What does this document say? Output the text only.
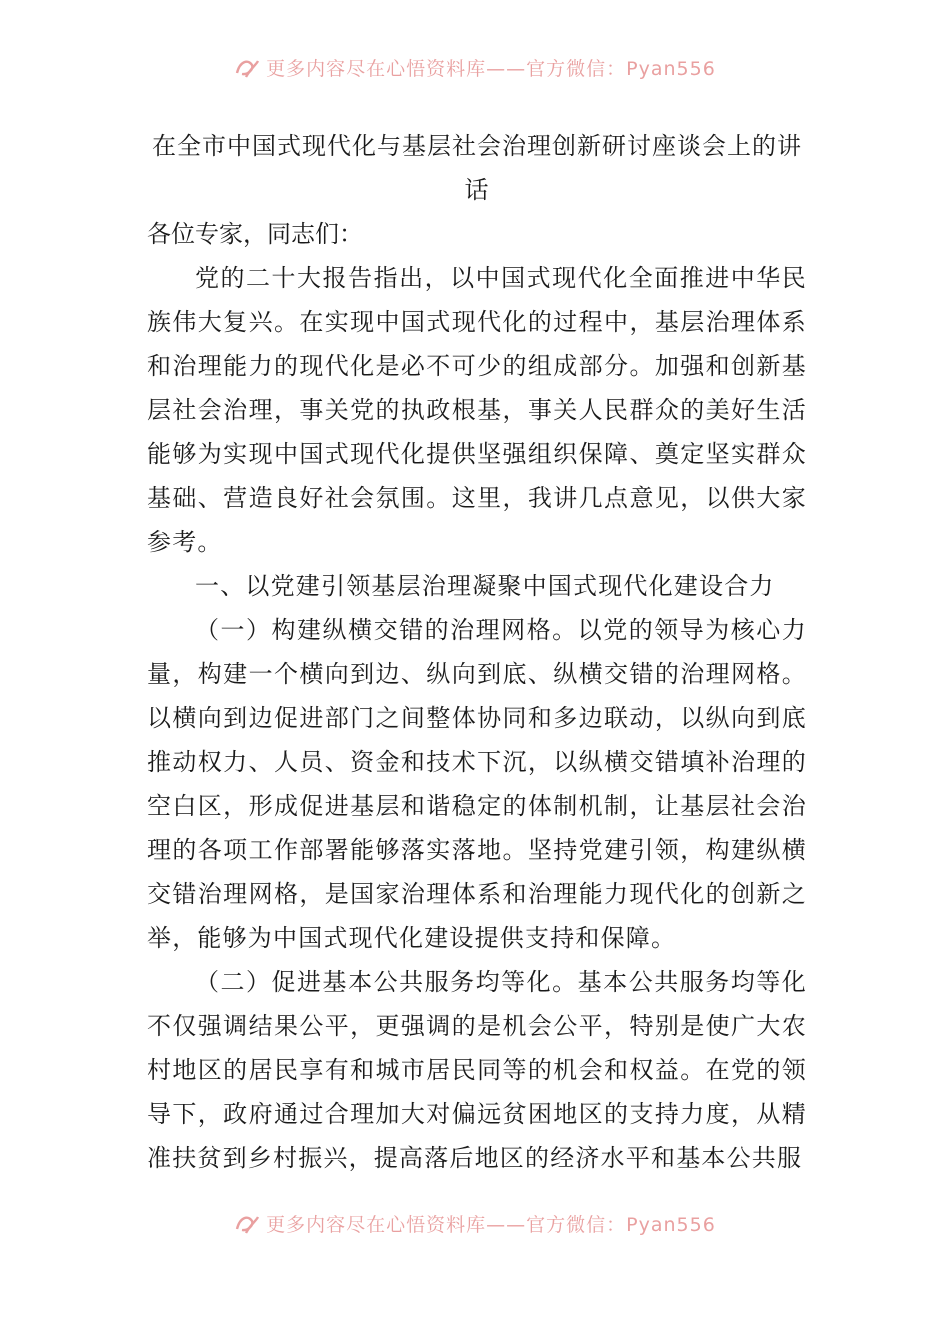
更多内容尽在心悟资料库——官方微信：Pyan556
在全市中国式现代化与基层社会治理创新研讨座谈会上的讲话
各位专家，同志们：

党的二十大报告指出，以中国式现代化全面推进中华民族伟大复兴。在实现中国式现代化的过程中，基层治理体系和治理能力的现代化是必不可少的组成部分。加强和创新基层社会治理，事关党的执政根基，事关人民群众的美好生活能够为实现中国式现代化提供坚强组织保障、奠定坚实群众基础、营造良好社会氛围。这里，我讲几点意见，以供大家参考。

一、以党建引领基层治理凝聚中国式现代化建设合力

（一）构建纵横交错的治理网格。以党的领导为核心力量，构建一个横向到边、纵向到底、纵横交错的治理网格。以横向到边促进部门之间整体协同和多边联动，以纵向到底推动权力、人员、资金和技术下沉，以纵横交错填补治理的空白区，形成促进基层和谐稳定的体制机制，让基层社会治理的各项工作部署能够落实落地。坚持党建引领，构建纵横交错治理网格，是国家治理体系和治理能力现代化的创新之举，能够为中国式现代化建设提供支持和保障。

（二）促进基本公共服务均等化。基本公共服务均等化不仅强调结果公平，更强调的是机会公平，特别是使广大农村地区的居民享有和城市居民同等的机会和权益。在党的领导下，政府通过合理加大对偏远贫困地区的支持力度，从精准扶贫到乡村振兴，提高落后地区的经济水平和基本公共服

更多内容尽在心悟资料库——官方微信：Pyan556
